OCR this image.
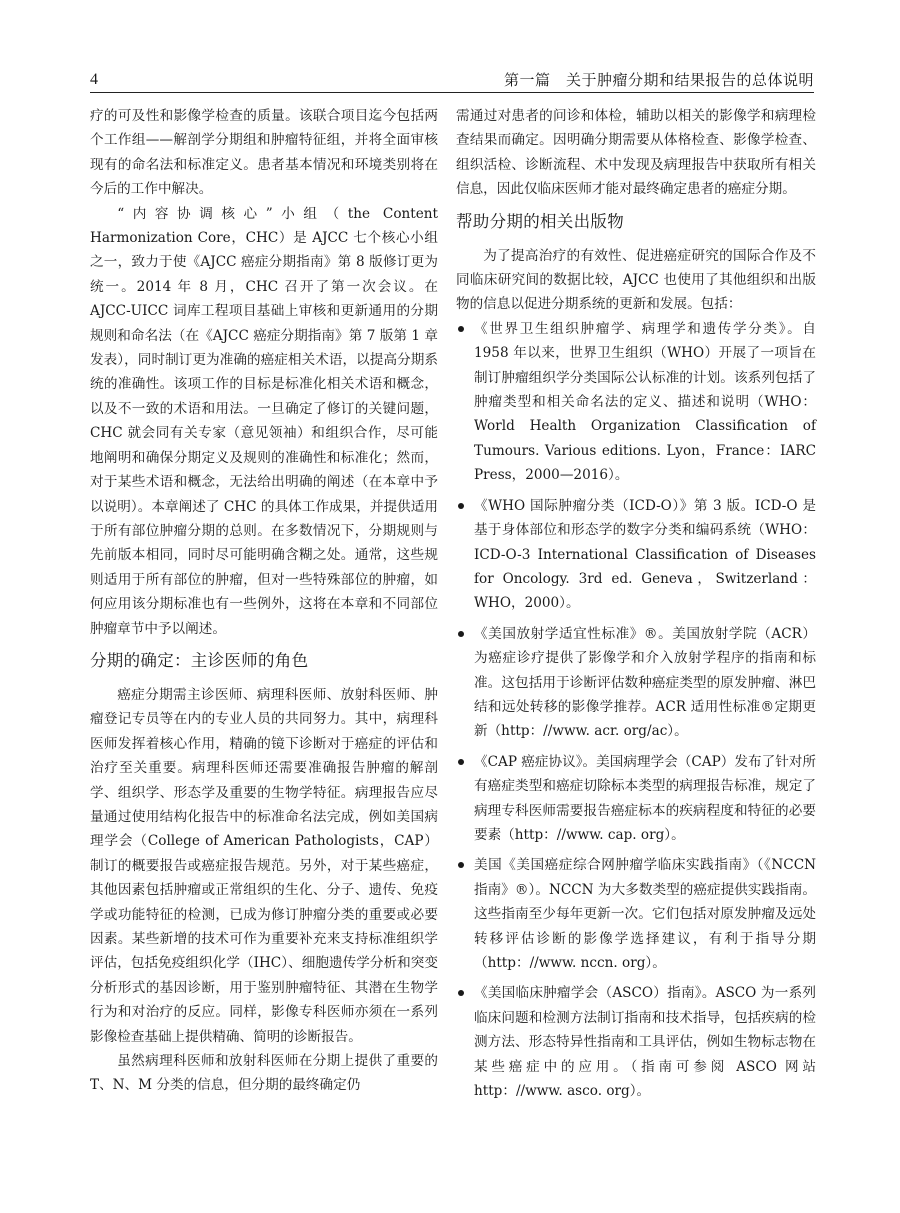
4	第一篇　关于肿瘤分期和结果报告的总体说明

疗的可及性和影像学检查的质量。该联合项目迄今包括两个工作组——解剖学分期组和肿瘤特征组，并将全面审核现有的命名法和标准定义。患者基本情况和环境类别将在今后的工作中解决。

“内容协调核心”小组（the Content Harmonization Core，CHC）是 AJCC 七个核心小组之一，致力于使《AJCC 癌症分期指南》第 8 版修订更为统一。2014 年 8 月，CHC 召开了第一次会议。在 AJCC-UICC 词库工程项目基础上审核和更新通用的分期规则和命名法（在《AJCC 癌症分期指南》第 7 版第 1 章发表），同时制订更为准确的癌症相关术语，以提高分期系统的准确性。该项工作的目标是标准化相关术语和概念，以及不一致的术语和用法。一旦确定了修订的关键问题，CHC 就会同有关专家（意见领袖）和组织合作，尽可能地阐明和确保分期定义及规则的准确性和标准化；然而，对于某些术语和概念，无法给出明确的阐述（在本章中予以说明）。本章阐述了 CHC 的具体工作成果，并提供适用于所有部位肿瘤分期的总则。在多数情况下，分期规则与先前版本相同，同时尽可能明确含糊之处。通常，这些规则适用于所有部位的肿瘤，但对一些特殊部位的肿瘤，如何应用该分期标准也有一些例外，这将在本章和不同部位肿瘤章节中予以阐述。

分期的确定：主诊医师的角色

癌症分期需主诊医师、病理科医师、放射科医师、肿瘤登记专员等在内的专业人员的共同努力。其中，病理科医师发挥着核心作用，精确的镜下诊断对于癌症的评估和治疗至关重要。病理科医师还需要准确报告肿瘤的解剖学、组织学、形态学及重要的生物学特征。病理报告应尽量通过使用结构化报告中的标准命名法完成，例如美国病理学会（College of American Pathologists，CAP）制订的概要报告或癌症报告规范。另外，对于某些癌症，其他因素包括肿瘤或正常组织的生化、分子、遗传、免疫学或功能特征的检测，已成为修订肿瘤分类的重要或必要因素。某些新增的技术可作为重要补充来支持标准组织学评估，包括免疫组织化学（IHC）、细胞遗传学分析和突变分析形式的基因诊断，用于鉴别肿瘤特征、其潜在生物学行为和对治疗的反应。同样，影像专科医师亦须在一系列影像检查基础上提供精确、简明的诊断报告。

虽然病理科医师和放射科医师在分期上提供了重要的 T、N、M 分类的信息，但分期的最终确定仍

需通过对患者的问诊和体检，辅助以相关的影像学和病理检查结果而确定。因明确分期需要从体格检查、影像学检查、组织活检、诊断流程、术中发现及病理报告中获取所有相关信息，因此仅临床医师才能对最终确定患者的癌症分期。

帮助分期的相关出版物

为了提高治疗的有效性、促进癌症研究的国际合作及不同临床研究间的数据比较，AJCC 也使用了其他组织和出版物的信息以促进分期系统的更新和发展。包括：

《世界卫生组织肿瘤学、病理学和遗传学分类》。自 1958 年以来，世界卫生组织（WHO）开展了一项旨在制订肿瘤组织学分类国际公认标准的计划。该系列包括了肿瘤类型和相关命名法的定义、描述和说明（WHO：World Health Organization Classification of Tumours. Various editions. Lyon，France：IARC Press，2000—2016）。
《WHO 国际肿瘤分类（ICD-O）》第 3 版。ICD-O 是基于身体部位和形态学的数字分类和编码系统（WHO：ICD-O-3 International Classification of Diseases for Oncology. 3rd ed. Geneva，Switzerland：WHO，2000）。
《美国放射学适宜性标准》®。美国放射学院（ACR）为癌症诊疗提供了影像学和介入放射学程序的指南和标准。这包括用于诊断评估数种癌症类型的原发肿瘤、淋巴结和远处转移的影像学推荐。ACR 适用性标准®定期更新（http：//www. acr. org/ac）。
《CAP 癌症协议》。美国病理学会（CAP）发布了针对所有癌症类型和癌症切除标本类型的病理报告标准，规定了病理专科医师需要报告癌症标本的疾病程度和特征的必要要素（http：//www. cap. org）。
美国《美国癌症综合网肿瘤学临床实践指南》（《NCCN 指南》®）。NCCN 为大多数类型的癌症提供实践指南。这些指南至少每年更新一次。它们包括对原发肿瘤及远处转移评估诊断的影像学选择建议，有利于指导分期（http：//www. nccn. org）。
《美国临床肿瘤学会（ASCO）指南》。ASCO 为一系列临床问题和检测方法制订指南和技术指导，包括疾病的检测方法、形态特异性指南和工具评估，例如生物标志物在某些癌症中的应用。（指南可参阅 ASCO 网站 http：//www. asco. org）。
